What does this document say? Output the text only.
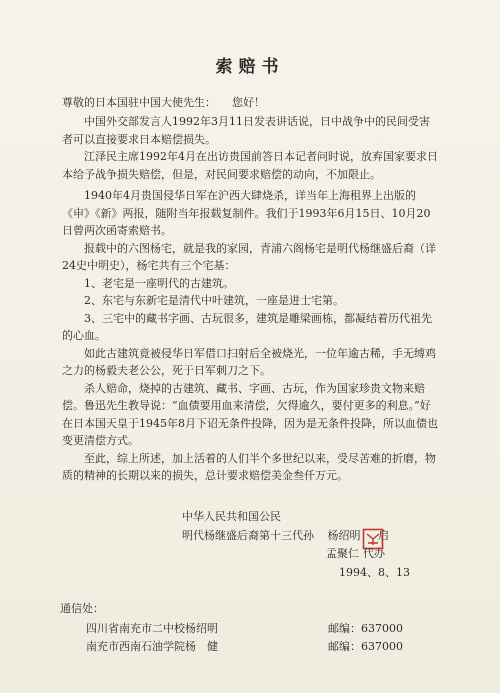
索赔书
尊敬的日本国驻中国大使先生： 您好！

中国外交部发言人1992年3月11日发表讲话说，日中战争中的民间受害者可以直接要求日本赔偿损失。

江泽民主席1992年4月在出访贵国前答日本记者问时说，放弃国家要求日本给予战争损失赔偿，但是，对民间要求赔偿的动向，不加限止。

1940年4月贵国侵华日军在沪西大肆烧杀，详当年上海租界上出版的《申》《新》两报，随附当年报载复制件。我们于1993年6月15日、10月20日曾两次函寄索赔书。

报载中的六图杨宅，就是我的家园，青浦六阁杨宅是明代杨继盛后裔（详24史中明史），杨宅共有三个宅基：

1、老宅是一座明代的古建筑。

2、东宅与东新宅是清代中叶建筑，一座是进士宅第。

3、三宅中的藏书字画、古玩很多，建筑是雕梁画栋，都凝结着历代祖先的心血。

如此古建筑竟被侵华日军借口扫射后全被烧光，一位年逾古稀，手无缚鸡之力的杨毅夫老公公，死于日军刺刀之下。

杀人赔命，烧掉的古建筑、藏书、字画、古玩，作为国家珍贵文物来赔偿。鲁迅先生教导说：“血债要用血来清偿，欠得逾久，要付更多的利息。”好在日本国天皇于1945年8月下诏无条件投降，因为是无条件投降，所以血债也变更清偿方式。

至此，综上所述，加上活着的人们半个多世纪以来，受尽苦难的折磨，物质的精神的长期以来的损失，总计要求赔偿美金叁仟万元。

中华人民共和国公民
明代杨继盛后裔第十三代孙 杨绍明 启
孟聚仁 代办
1994、8、13
通信处：
四川省南充市二中校杨绍明	邮编：637000
南充市西南石油学院杨　健	邮编：637000
